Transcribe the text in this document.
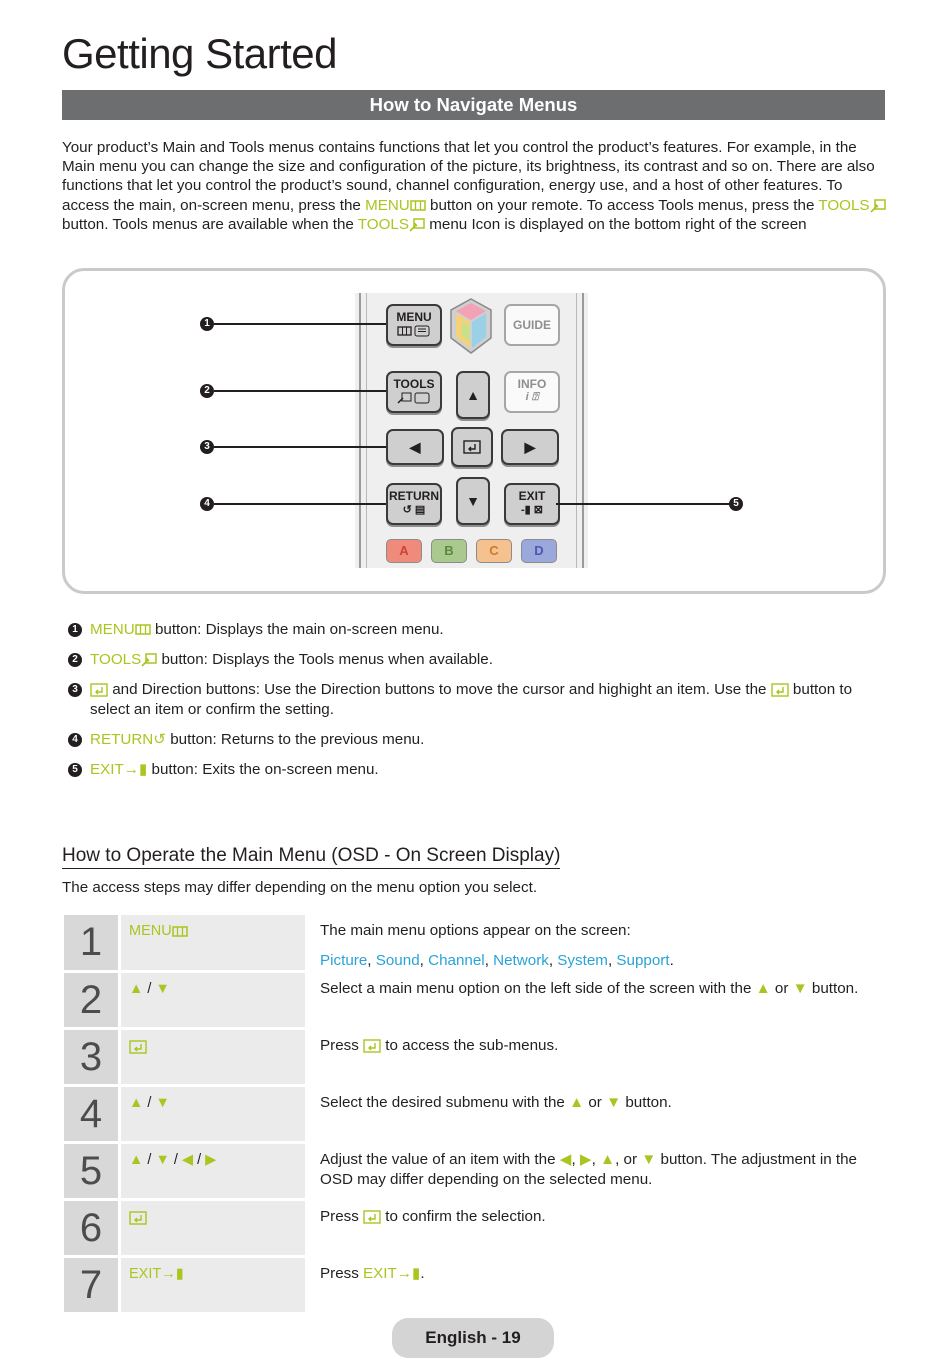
Getting Started
How to Navigate Menus
Your product’s Main and Tools menus contains functions that let you control the product’s features. For example, in the Main menu you can change the size and configuration of the picture, its brightness, its contrast and so on. There are also functions that let you control the product’s sound, channel configuration, energy use, and a host of other features. To access the main, on-screen menu, press the MENU button on your remote. To access Tools menus, press the TOOLS button. Tools menus are available when the TOOLS menu Icon is displayed on the bottom right of the screen
MENU
GUIDE
TOOLS
▲
INFO
i ⍰
◀	▶
RETURN
↺ ▤
▼	EXIT
-▮ ⊠
A	B	C	D
1
2
3
4	5
1 MENU button: Displays the main on-screen menu.
2 TOOLS button: Displays the Tools menus when available.
3	and Direction buttons: Use the Direction buttons to move the cursor and highight an item. Use the  button to select an item or confirm the setting.
4 RETURN↺ button: Returns to the previous menu.
5 EXIT→▮ button: Exits the on-screen menu.
How to Operate the Main Menu (OSD - On Screen Display)
The access steps may differ depending on the menu option you select.
1	MENU	The main menu options appear on the screen:
Picture, Sound, Channel, Network, System, Support.

2	▲ / ▼	Select a main menu option on the left side of the screen with the ▲ or ▼ button.
3		Press  to access the sub-menus.
4	▲ / ▼	Select the desired submenu with the ▲ or ▼ button.
5	▲ / ▼ / ◀ / ▶	Adjust the value of an item with the ◀, ▶, ▲, or ▼ button. The adjustment in the OSD may differ depending on the selected menu.
6		Press  to confirm the selection.
7	EXIT→▮	Press EXIT→▮.
English - 19
